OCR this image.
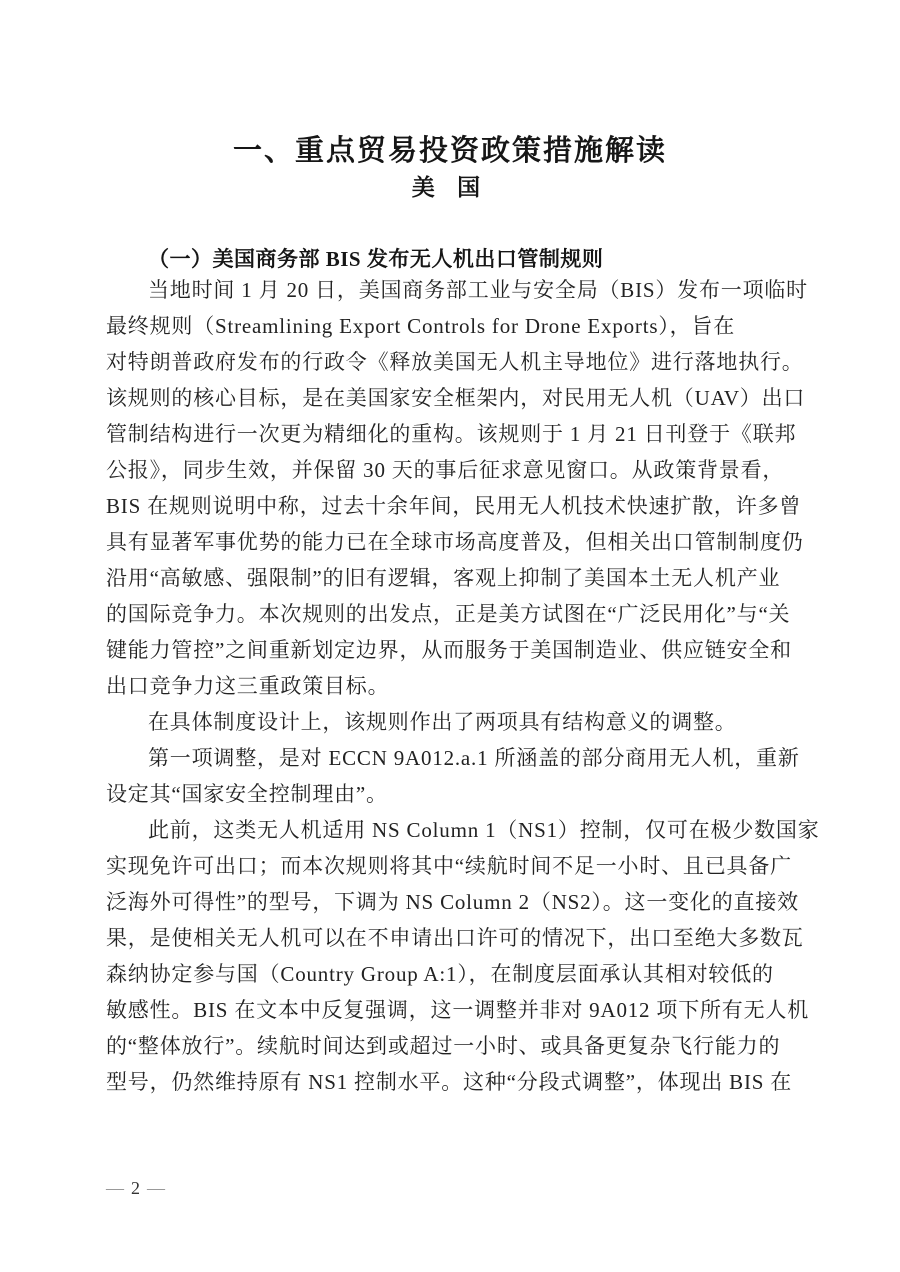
一、重点贸易投资政策措施解读
美 国
（一）美国商务部 BIS 发布无人机出口管制规则
当地时间 1 月 20 日，美国商务部工业与安全局（BIS）发布一项临时
最终规则（Streamlining Export Controls for Drone Exports），旨在
对特朗普政府发布的行政令《释放美国无人机主导地位》进行落地执行。
该规则的核心目标，是在美国家安全框架内，对民用无人机（UAV）出口
管制结构进行一次更为精细化的重构。该规则于 1 月 21 日刊登于《联邦
公报》，同步生效，并保留 30 天的事后征求意见窗口。从政策背景看，
BIS 在规则说明中称，过去十余年间，民用无人机技术快速扩散，许多曾
具有显著军事优势的能力已在全球市场高度普及，但相关出口管制制度仍
沿用“高敏感、强限制”的旧有逻辑，客观上抑制了美国本土无人机产业
的国际竞争力。本次规则的出发点，正是美方试图在“广泛民用化”与“关
键能力管控”之间重新划定边界，从而服务于美国制造业、供应链安全和
出口竞争力这三重政策目标。
在具体制度设计上，该规则作出了两项具有结构意义的调整。
第一项调整，是对 ECCN 9A012.a.1 所涵盖的部分商用无人机，重新
设定其“国家安全控制理由”。
此前，这类无人机适用 NS Column 1（NS1）控制，仅可在极少数国家
实现免许可出口；而本次规则将其中“续航时间不足一小时、且已具备广
泛海外可得性”的型号，下调为 NS Column 2（NS2）。这一变化的直接效
果，是使相关无人机可以在不申请出口许可的情况下，出口至绝大多数瓦
森纳协定参与国（Country Group A:1），在制度层面承认其相对较低的
敏感性。BIS 在文本中反复强调，这一调整并非对 9A012 项下所有无人机
的“整体放行”。续航时间达到或超过一小时、或具备更复杂飞行能力的
型号，仍然维持原有 NS1 控制水平。这种“分段式调整”，体现出 BIS 在
— 2 —
